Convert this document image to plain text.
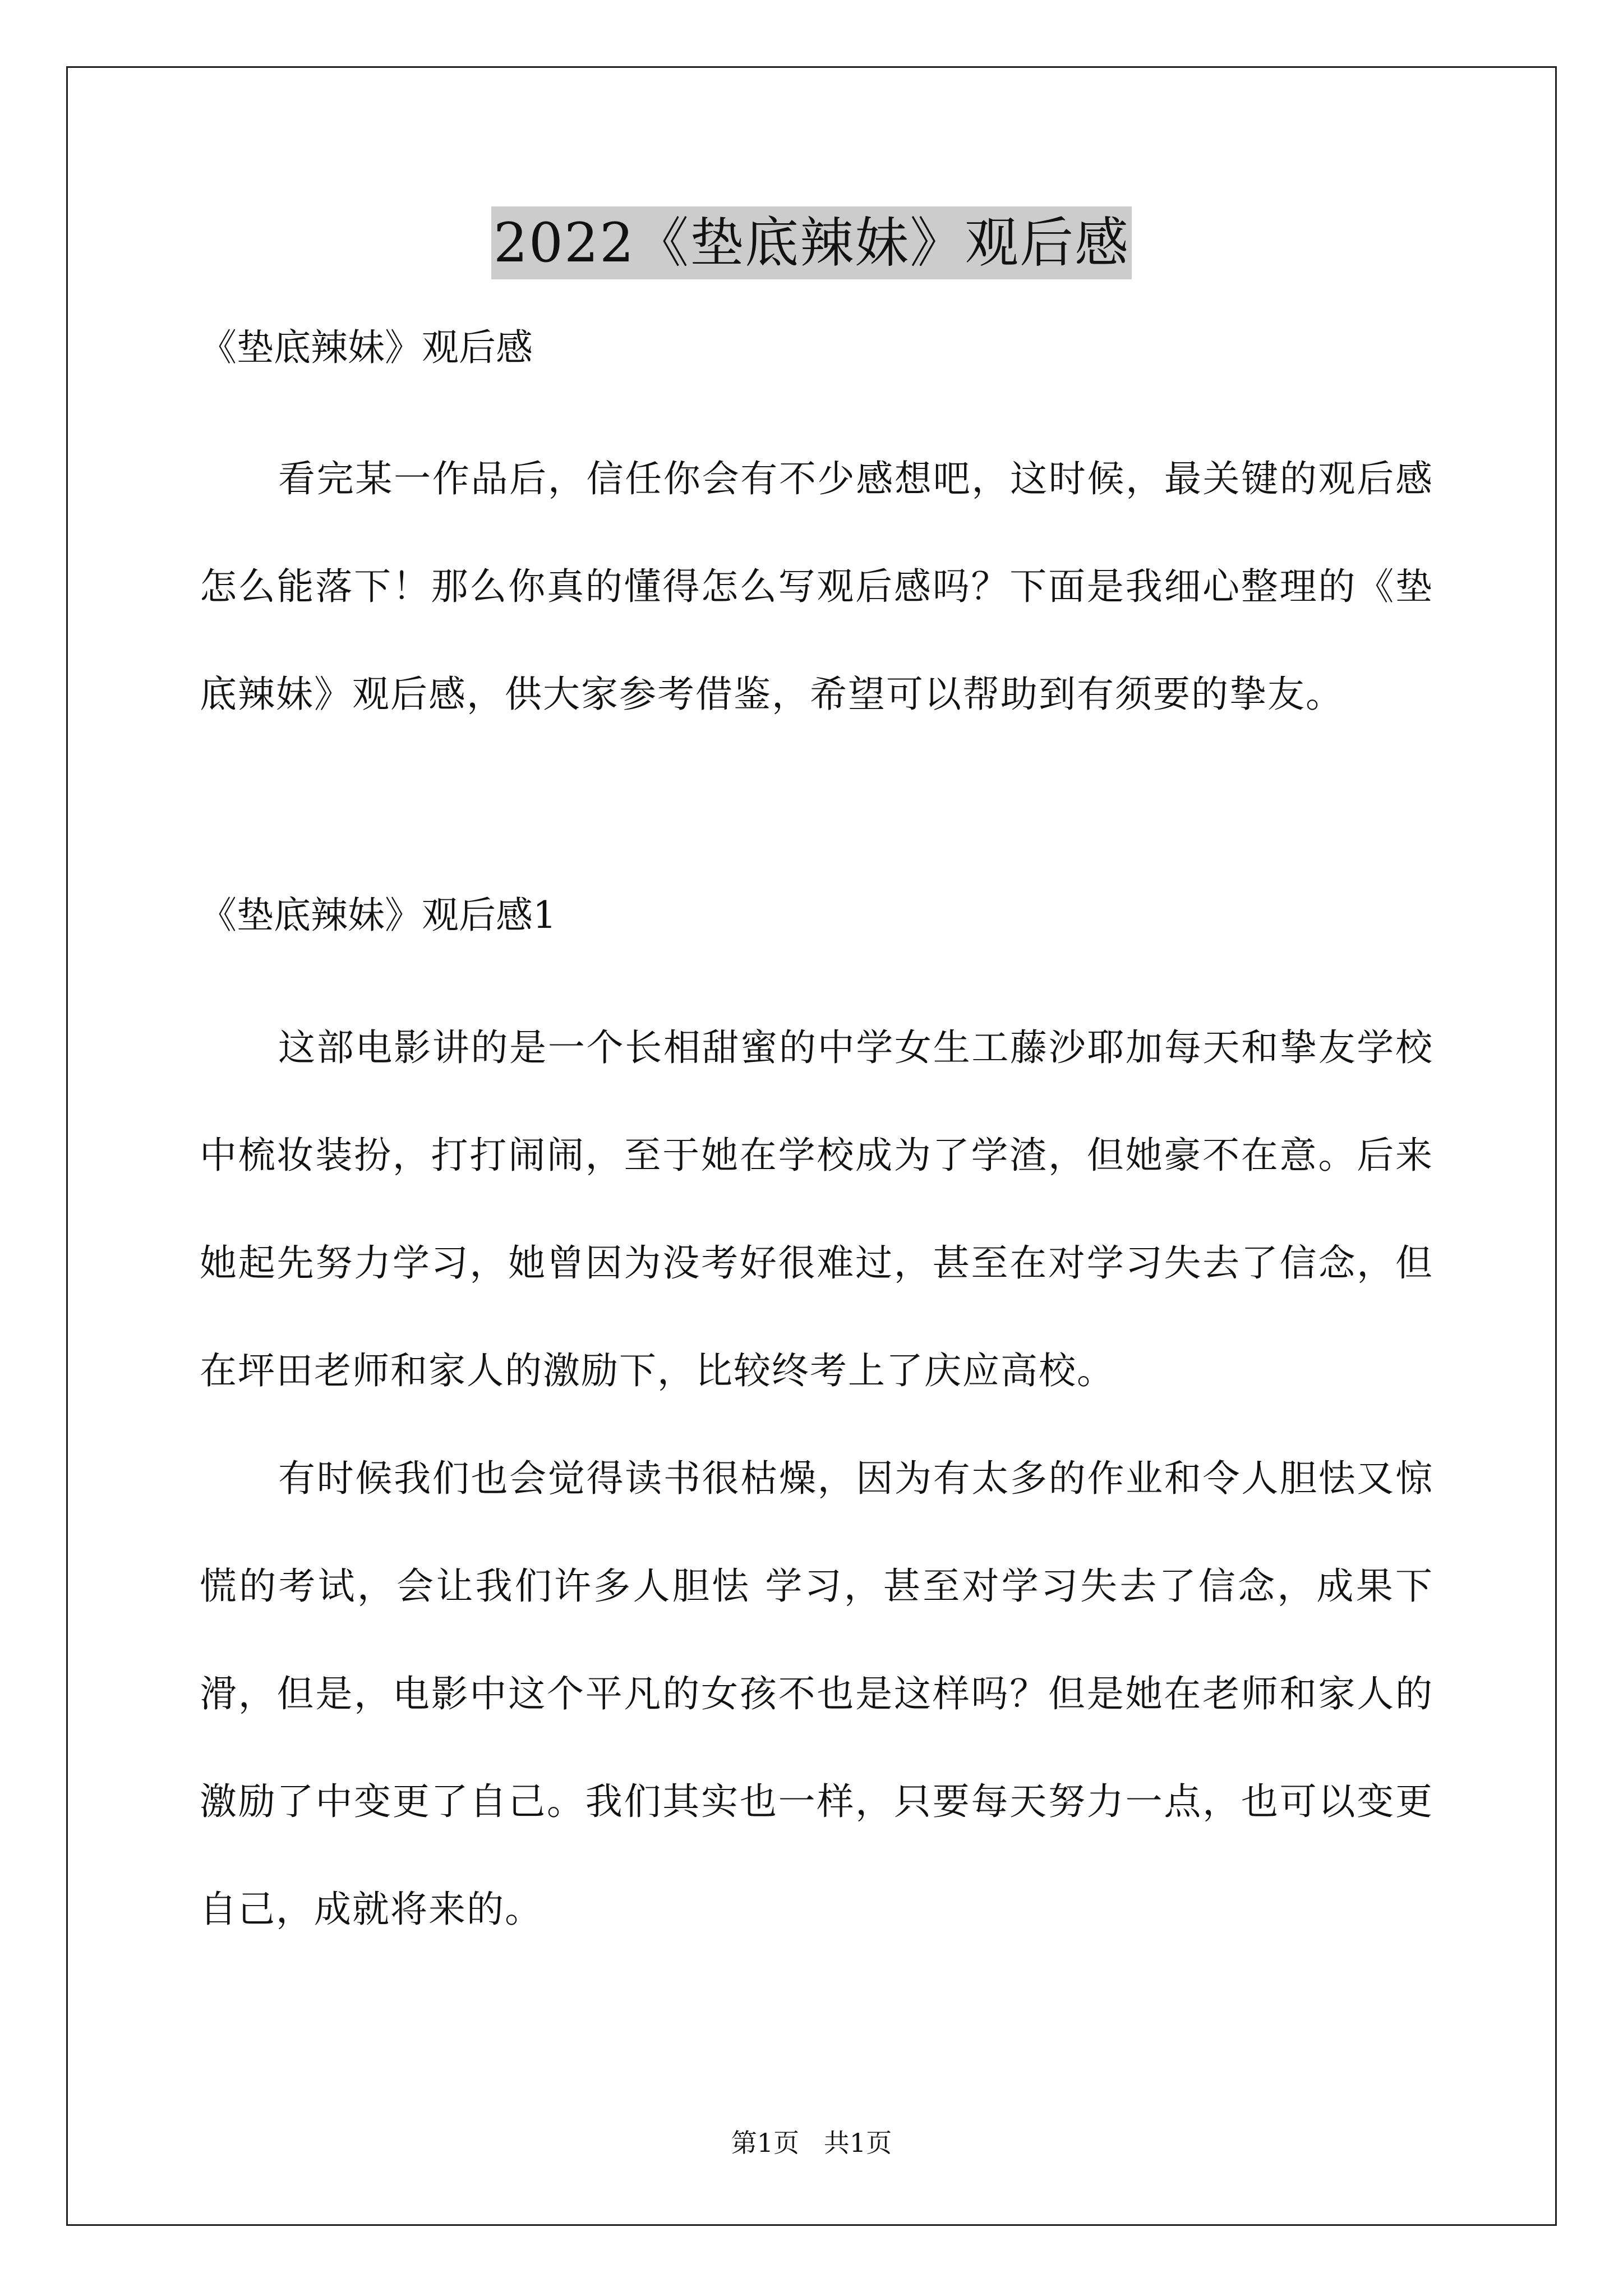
2022《垫底辣妹》观后感

《垫底辣妹》观后感

看完某一作品后，信任你会有不少感想吧，这时候，最关键的观后感怎么能落下！那么你真的懂得怎么写观后感吗？下面是我细心整理的《垫底辣妹》观后感，供大家参考借鉴，希望可以帮助到有须要的挚友。

《垫底辣妹》观后感1

这部电影讲的是一个长相甜蜜的中学女生工藤沙耶加每天和挚友学校中梳妆装扮，打打闹闹，至于她在学校成为了学渣，但她豪不在意。后来她起先努力学习，她曾因为没考好很难过，甚至在对学习失去了信念，但在坪田老师和家人的激励下，比较终考上了庆应高校。

有时候我们也会觉得读书很枯燥，因为有太多的作业和令人胆怯又惊慌的考试，会让我们许多人胆怯 学习，甚至对学习失去了信念，成果下滑，但是，电影中这个平凡的女孩不也是这样吗？但是她在老师和家人的激励了中变更了自己。我们其实也一样，只要每天努力一点，也可以变更自己，成就将来的。

第1页   共1页
